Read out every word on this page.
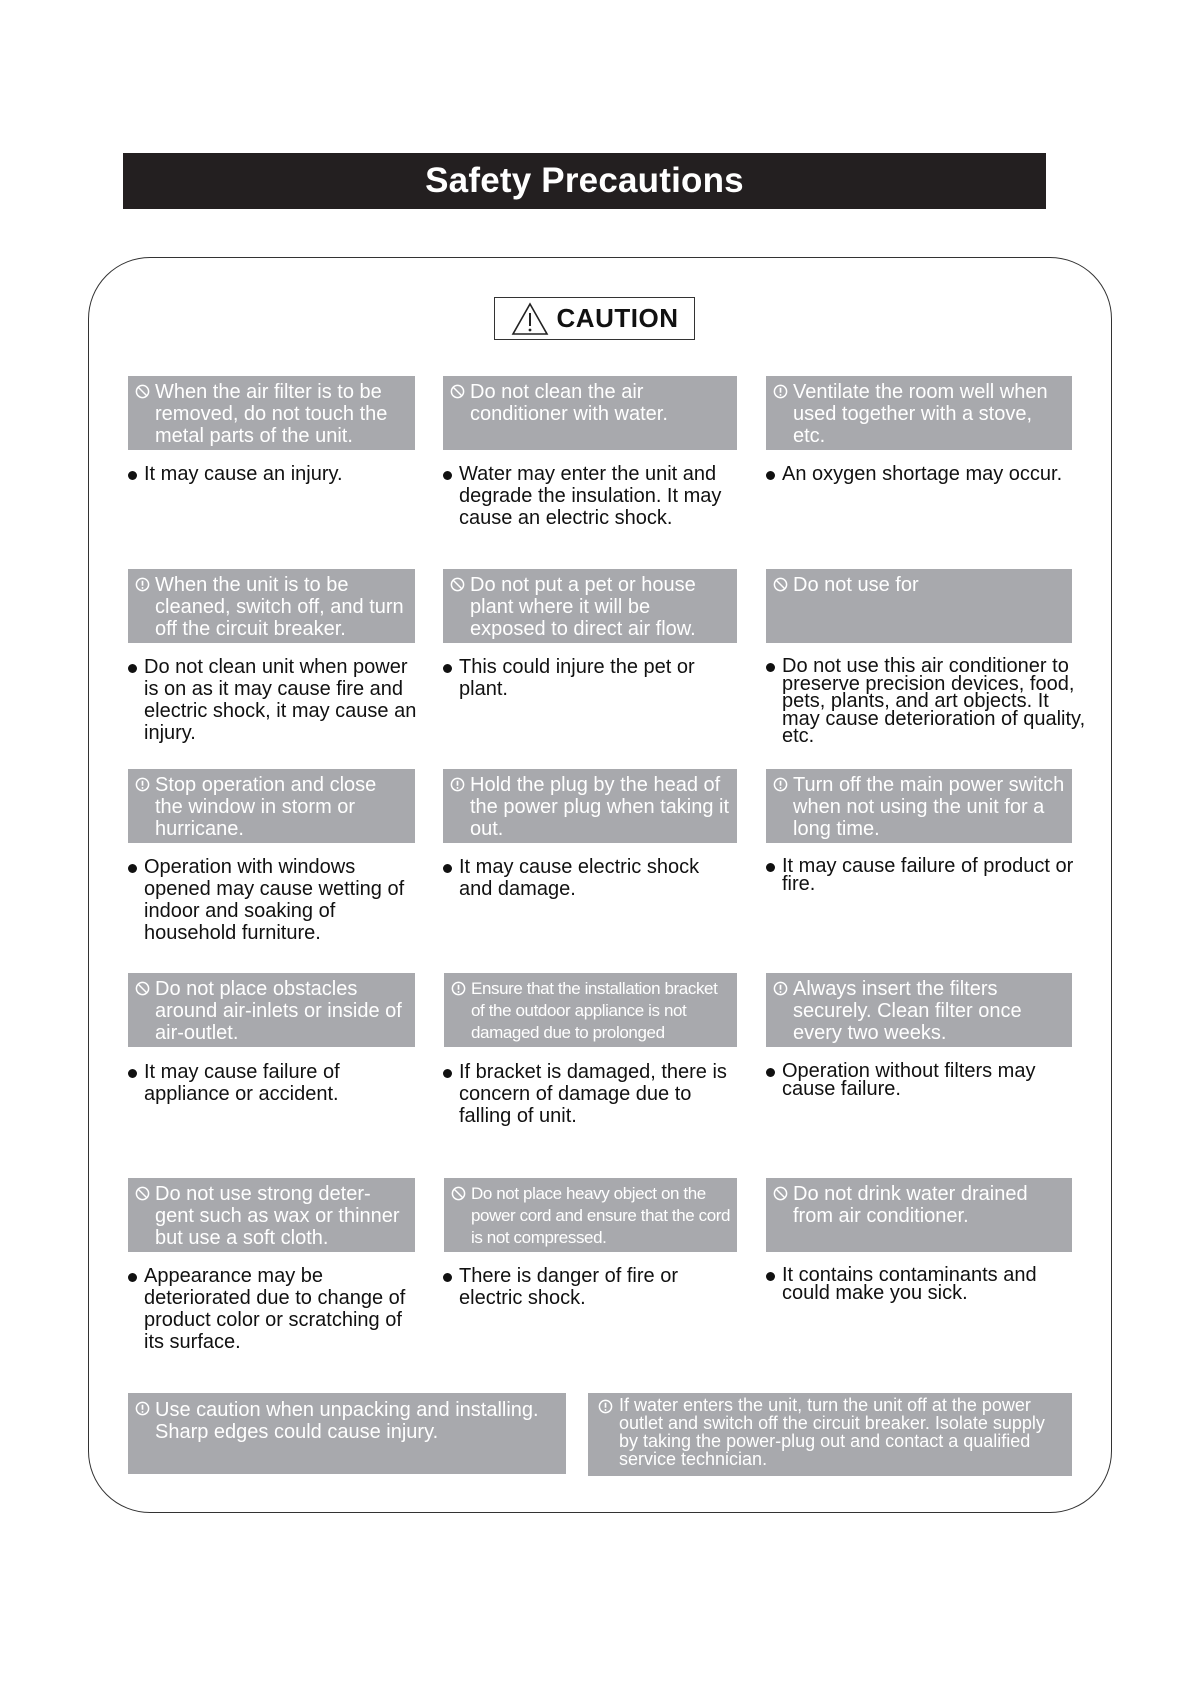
Safety Precautions
CAUTION
When the air filter is to be removed, do not touch the metal parts of the unit.
It may cause an injury.
Do not clean the air conditioner with water.
Water may enter the unit and degrade the insulation. It may cause an electric shock.
Ventilate the room well when used together with a stove, etc.
An oxygen shortage may occur.
When the unit is to be cleaned, switch off, and turn off the circuit breaker.
Do not clean unit when power is on as it may cause fire and electric shock, it may cause an injury.
Do not put a pet or house plant where it will be exposed to direct air flow.
This could injure the pet or plant.
Do not use for
Do not use this air conditioner to preserve precision devices, food, pets, plants, and art objects. It may cause deterioration of quality, etc.
Stop operation and close the window in storm or hurricane.
Operation with windows opened may cause wetting of indoor and soaking of household furniture.
Hold the plug by the head of the power plug when taking it out.
It may cause electric shock and damage.
Turn off the main power switch when not using the unit for a long time.
It may cause failure of product or fire.
Do not place obstacles around air-inlets or inside of air-outlet.
It may cause failure of appliance or accident.
Ensure that the installation bracket of the outdoor appliance is not damaged due to prolonged exposure.
If bracket is damaged, there is concern of damage due to falling of unit.
Always insert the filters securely. Clean filter once every two weeks.
Operation without filters may cause failure.
Do not use strong deter-gent such as wax or thinner but use a soft cloth.
Appearance may be deteriorated due to change of product color or scratching of its surface.
Do not place heavy object on the power cord and ensure that the cord is not compressed.
There is danger of fire or electric shock.
Do not drink water drained from air conditioner.
It contains contaminants and could make you sick.
Use caution when unpacking and installing. Sharp edges could cause injury.
If water enters the unit, turn the unit off at the power outlet and switch off the circuit breaker. Isolate supply by taking the power-plug out and contact a qualified service technician.
